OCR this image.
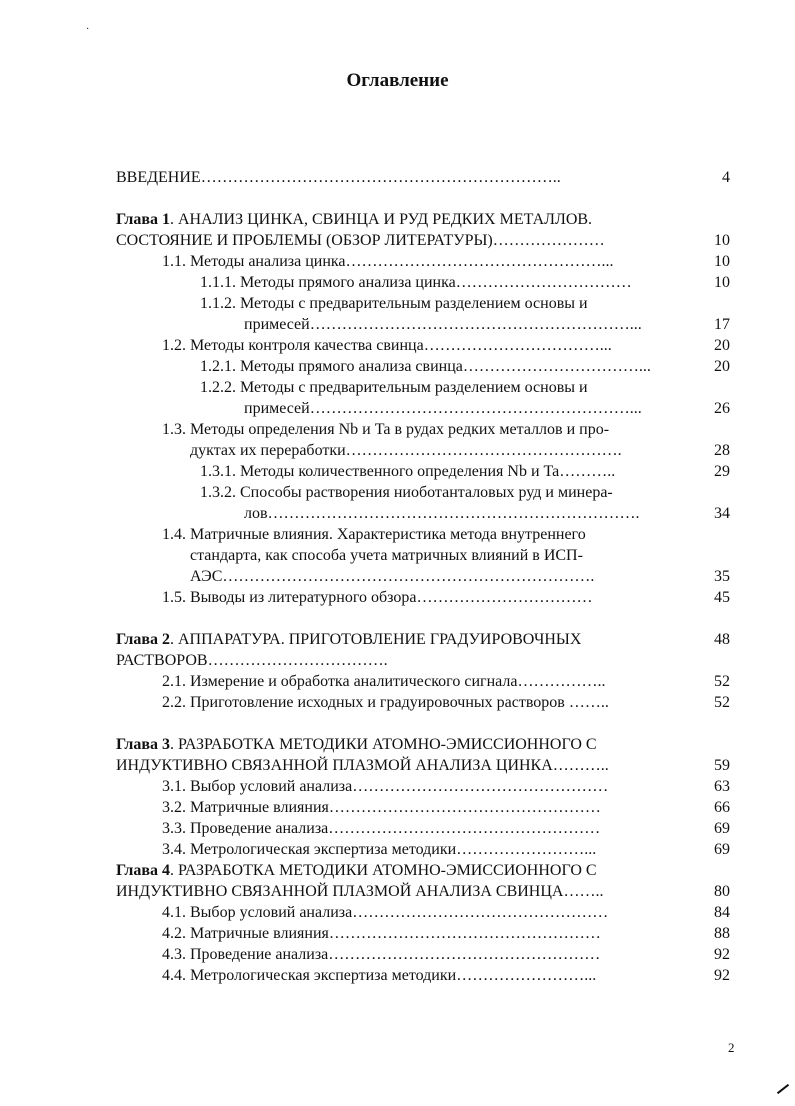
·
Оглавление
ВВЕДЕНИЕ…………………………………………………………..	4
Глава 1. АНАЛИЗ ЦИНКА, СВИНЦА И РУД РЕДКИХ МЕТАЛЛОВ.
СОСТОЯНИЕ И ПРОБЛЕМЫ (ОБЗОР ЛИТЕРАТУРЫ)…………………	10
1.1. Методы анализа цинка…………………………………………...	10
1.1.1. Методы прямого анализа цинка……………………………	10
1.1.2. Методы с предварительным разделением основы и
примесей……………………………………………………...	17
1.2. Методы контроля качества свинца……………………………...	20
1.2.1. Методы прямого анализа свинца……………………………...	20
1.2.2. Методы с предварительным разделением основы и
примесей……………………………………………………...	26
1.3. Методы определения Nb и Ta в рудах редких металлов и про-
дуктах их переработки…………………………………………….	28
1.3.1. Методы количественного определения Nb и Ta………..	29
1.3.2. Способы растворения ниоботанталовых руд и минера-
лов…………………………………………………………….	34
1.4. Матричные влияния. Характеристика метода внутреннего
стандарта, как способа учета матричных влияний в ИСП-
АЭС…………………………………………………………….	35
1.5. Выводы из литературного обзора……………………………	45
Глава 2. АППАРАТУРА. ПРИГОТОВЛЕНИЕ ГРАДУИРОВОЧНЫХ	48
РАСТВОРОВ…………………………….
2.1. Измерение и обработка аналитического сигнала……………..	52
2.2. Приготовление исходных и градуировочных растворов ……..	52
Глава 3. РАЗРАБОТКА МЕТОДИКИ АТОМНО-ЭМИССИОННОГО С
ИНДУКТИВНО СВЯЗАННОЙ ПЛАЗМОЙ АНАЛИЗА ЦИНКА………..	59
3.1. Выбор условий анализа…………………………………………	63
3.2. Матричные влияния……………………………………………	66
3.3. Проведение анализа……………………………………………	69
3.4. Метрологическая экспертиза методики……………………...	69
Глава 4. РАЗРАБОТКА МЕТОДИКИ АТОМНО-ЭМИССИОННОГО С
ИНДУКТИВНО СВЯЗАННОЙ ПЛАЗМОЙ АНАЛИЗА СВИНЦА……..	80
4.1. Выбор условий анализа…………………………………………	84
4.2. Матричные влияния……………………………………………	88
4.3. Проведение анализа……………………………………………	92
4.4. Метрологическая экспертиза методики……………………...	92
2
